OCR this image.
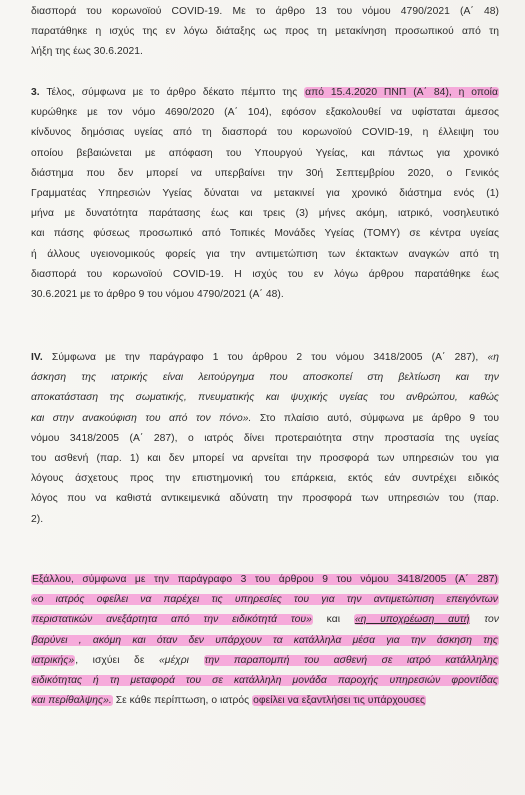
διασπορά του κορωνοϊού COVID-19. Με το άρθρο 13 του νόμου 4790/2021 (Α΄ 48)
παρατάθηκε η ισχύς της εν λόγω διάταξης ως προς τη μετακίνηση προσωπικού από τη
λήξη της έως 30.6.2021.
3. Τέλος, σύμφωνα με το άρθρο δέκατο πέμπτο της από 15.4.2020 ΠΝΠ (Α΄ 84), η οποία
κυρώθηκε με τον νόμο 4690/2020 (Α΄ 104), εφόσον εξακολουθεί να υφίσταται άμεσος
κίνδυνος δημόσιας υγείας από τη διασπορά του κορωνοϊού COVID-19, η έλλειψη του
οποίου βεβαιώνεται με απόφαση του Υπουργού Υγείας, και πάντως για χρονικό
διάστημα που δεν μπορεί να υπερβαίνει την 30ή Σεπτεμβρίου 2020, ο Γενικός
Γραμματέας Υπηρεσιών Υγείας δύναται να μετακινεί για χρονικό διάστημα ενός (1)
μήνα με δυνατότητα παράτασης έως και τρεις (3) μήνες ακόμη, ιατρικό, νοσηλευτικό
και πάσης φύσεως προσωπικό από Τοπικές Μονάδες Υγείας (ΤΟΜΥ) σε κέντρα υγείας
ή άλλους υγειονομικούς φορείς για την αντιμετώπιση των έκτακτων αναγκών από τη
διασπορά του κορωνοϊού COVID-19. Η ισχύς του εν λόγω άρθρου παρατάθηκε έως
30.6.2021 με το άρθρο 9 του νόμου 4790/2021 (Α΄ 48).
IV. Σύμφωνα με την παράγραφο 1 του άρθρου 2 του νόμου 3418/2005 (Α΄ 287), «η
άσκηση της ιατρικής είναι λειτούργημα που αποσκοπεί στη βελτίωση και την
αποκατάσταση της σωματικής, πνευματικής και ψυχικής υγείας του ανθρώπου, καθώς
και στην ανακούφιση του από τον πόνο». Στο πλαίσιο αυτό, σύμφωνα με άρθρο 9 του
νόμου 3418/2005 (Α΄ 287), ο ιατρός δίνει προτεραιότητα στην προστασία της υγείας
του ασθενή (παρ. 1) και δεν μπορεί να αρνείται την προσφορά των υπηρεσιών του για
λόγους άσχετους προς την επιστημονική του επάρκεια, εκτός εάν συντρέχει ειδικός
λόγος που να καθιστά αντικειμενικά αδύνατη την προσφορά των υπηρεσιών του (παρ.
2).
Εξάλλου, σύμφωνα με την παράγραφο 3 του άρθρου 9 του νόμου 3418/2005 (Α΄ 287)
«ο ιατρός οφείλει να παρέχει τις υπηρεσίες του για την αντιμετώπιση επειγόντων
περιστατικών ανεξάρτητα από την ειδικότητά του» και «η υποχρέωση αυτή τον
βαρύνει , ακόμη και όταν δεν υπάρχουν τα κατάλληλα μέσα για την άσκηση της
ιατρικής», ισχύει δε «μέχρι την παραπομπή του ασθενή σε ιατρό κατάλληλης
ειδικότητας ή τη μεταφορά του σε κατάλληλη μονάδα παροχής υπηρεσιών φροντίδας
και περίθαλψης». Σε κάθε περίπτωση, ο ιατρός οφείλει να εξαντλήσει τις υπάρχουσες
